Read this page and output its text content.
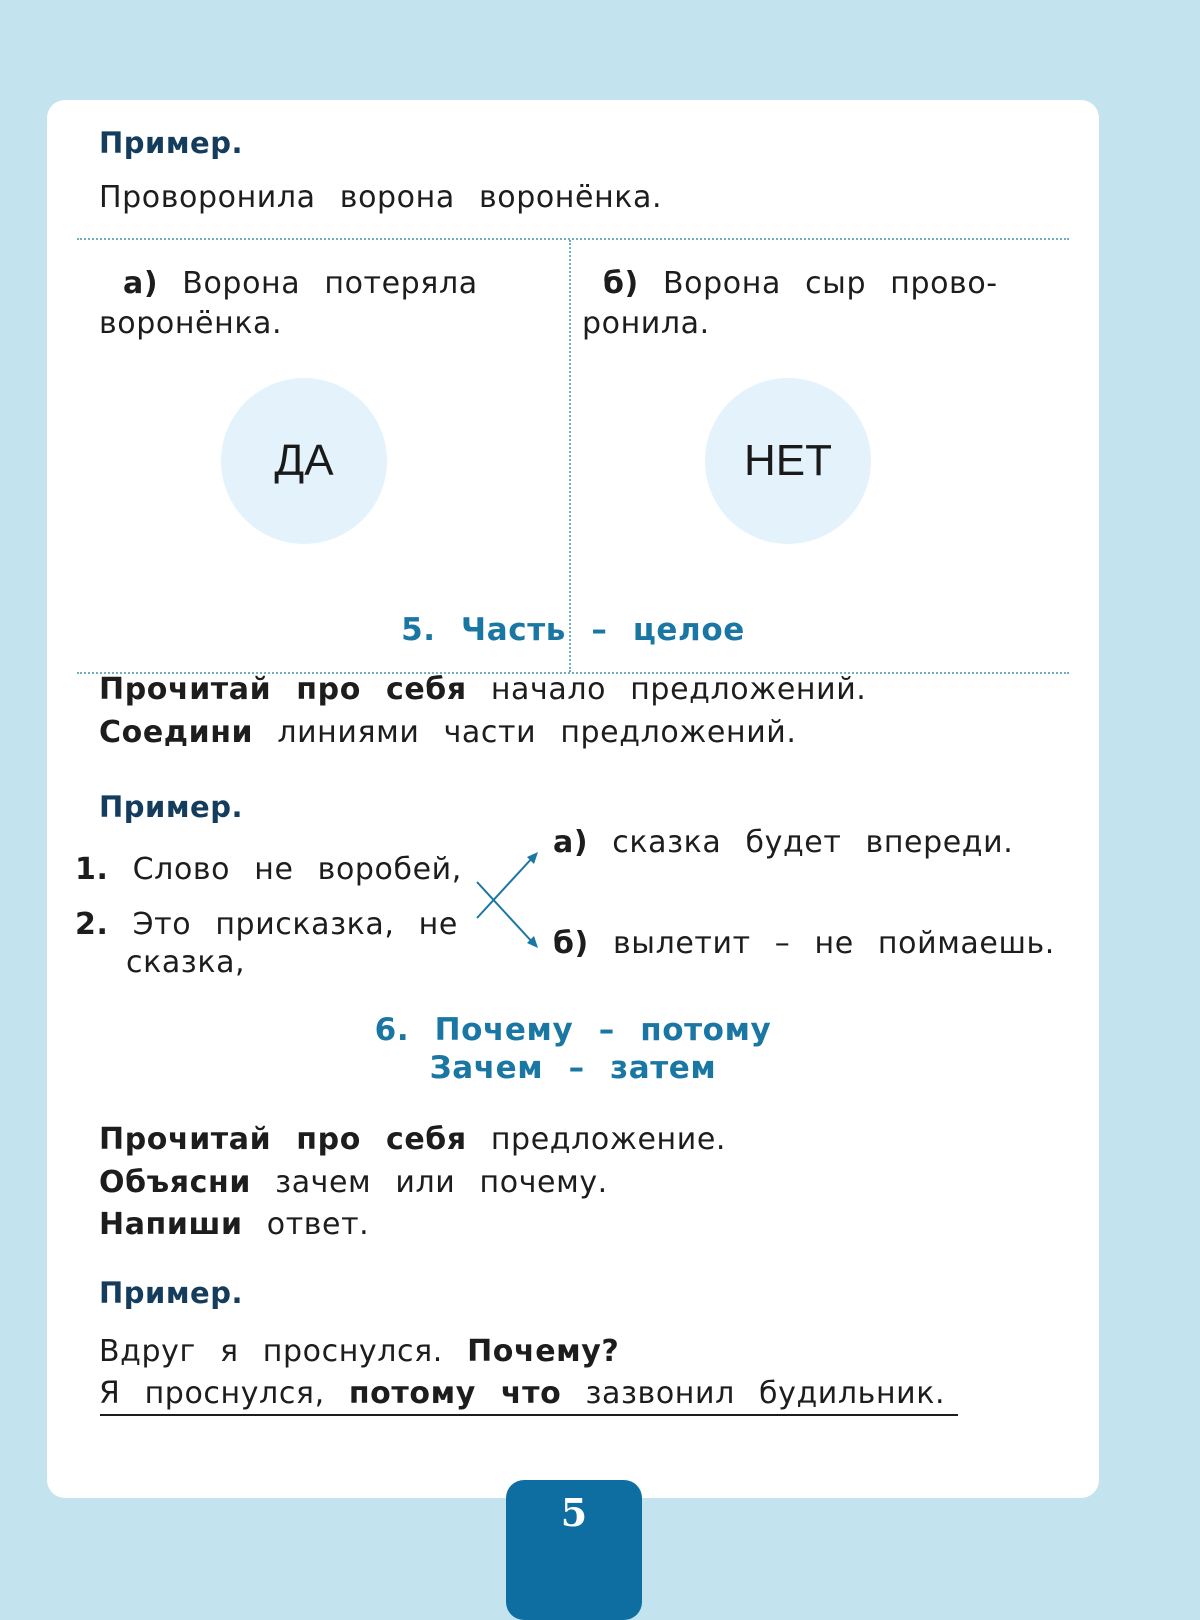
Пример.
Проворонила ворона воронёнка.
а) Ворона потеряла
воронёнка.
б) Ворона сыр прово-
ронила.
ДА	НЕТ
5. Часть – целое
Прочитай про себя начало предложений.
Соедини линиями части предложений.
Пример.
1. Слово не воробей,
2. Это присказка, не
сказка,
а) сказка будет впереди.
б) вылетит – не поймаешь.
6. Почему – потому
Зачем – затем
Прочитай про себя предложение.
Объясни зачем или почему.
Напиши ответ.
Пример.
Вдруг я проснулся. Почему?
Я проснулся, потому что зазвонил будильник.
5
